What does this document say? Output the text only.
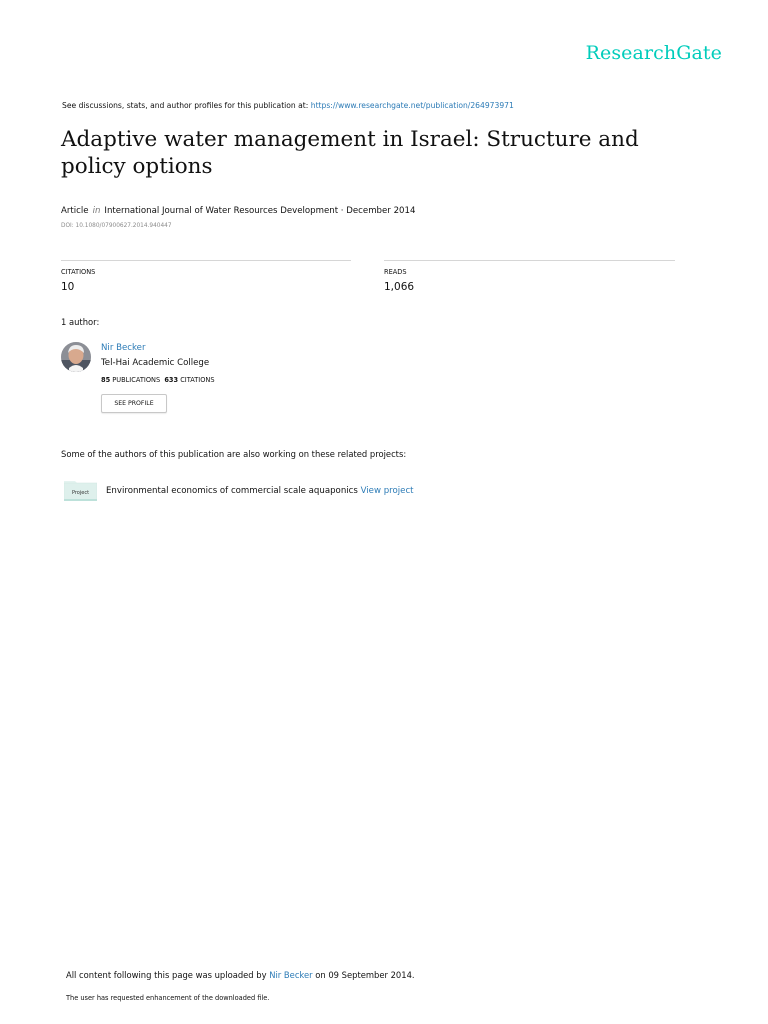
ResearchGate
See discussions, stats, and author profiles for this publication at: https://www.researchgate.net/publication/264973971
Adaptive water management in Israel: Structure and policy options
Article in International Journal of Water Resources Development · December 2014
DOI: 10.1080/07900627.2014.940447
CITATIONS
10
READS
1,066
1 author:
Nir Becker
Tel-Hai Academic College
85 PUBLICATIONS 633 CITATIONS
SEE PROFILE
Some of the authors of this publication are also working on these related projects:
Project Environmental economics of commercial scale aquaponics View project
All content following this page was uploaded by Nir Becker on 09 September 2014.
The user has requested enhancement of the downloaded file.
